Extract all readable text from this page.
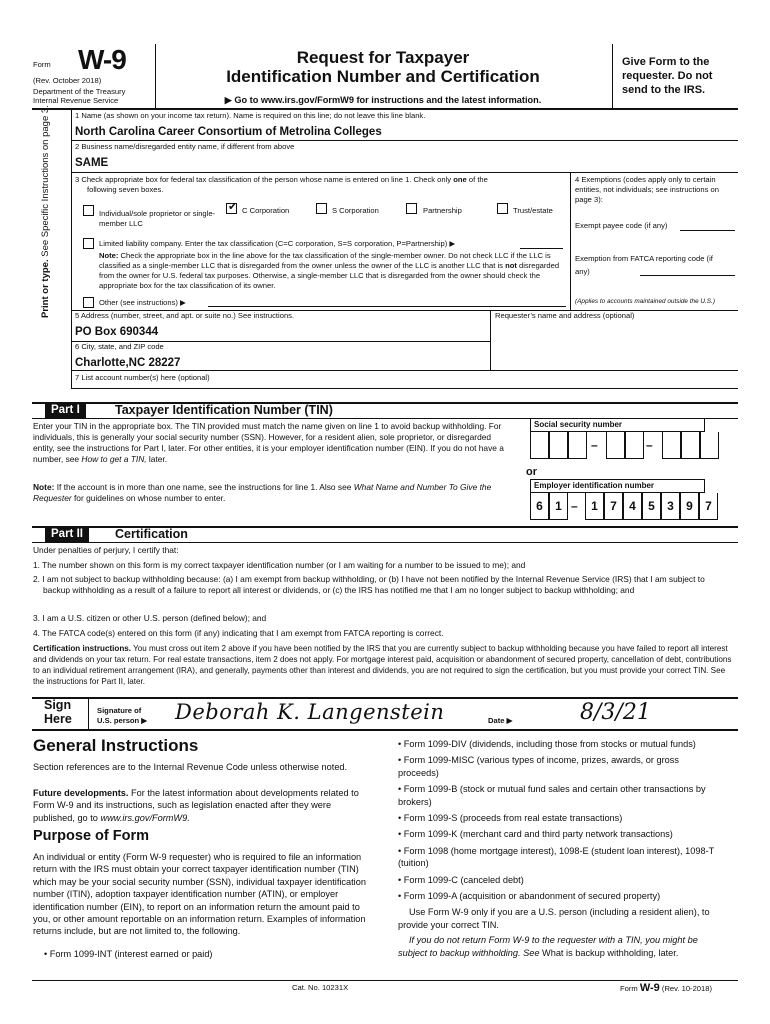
Form W-9
(Rev. October 2018)
Department of the Treasury
Internal Revenue Service
Request for Taxpayer
Identification Number and Certification
▶ Go to www.irs.gov/FormW9 for instructions and the latest information.
Give Form to the requester. Do not send to the IRS.
Print or type. See Specific Instructions on page 3.	1 Name (as shown on your income tax return). Name is required on this line; do not leave this line blank.
North Carolina Career Consortium of Metrolina Colleges
2 Business name/disregarded entity name, if different from above
SAME
3 Check appropriate box for federal tax classification of the person whose name is entered on line 1. Check only one of the
following seven boxes.
Individual/sole proprietor or single-member LLC
✔ C Corporation	S Corporation	Partnership	Trust/estate
Limited liability company. Enter the tax classification (C=C corporation, S=S corporation, P=Partnership) ▶
Note: Check the appropriate box in the line above for the tax classification of the single-member owner. Do not check LLC if the LLC is classified as a single-member LLC that is disregarded from the owner unless the owner of the LLC is another LLC that is not disregarded from the owner for U.S. federal tax purposes. Otherwise, a single-member LLC that is disregarded from the owner should check the appropriate box for the tax classification of its owner.
Other (see instructions) ▶
4 Exemptions (codes apply only to certain entities, not individuals; see instructions on page 3):
Exempt payee code (if any)
Exemption from FATCA reporting code (if any)
(Applies to accounts maintained outside the U.S.)
5 Address (number, street, and apt. or suite no.) See instructions.	Requester’s name and address (optional)
PO Box 690344
6 City, state, and ZIP code
Charlotte,NC 28227
7 List account number(s) here (optional)
Part I	Taxpayer Identification Number (TIN)
Enter your TIN in the appropriate box. The TIN provided must match the name given on line 1 to avoid backup withholding. For individuals, this is generally your social security number (SSN). However, for a resident alien, sole proprietor, or disregarded entity, see the instructions for Part I, later. For other entities, it is your employer identification number (EIN). If you do not have a number, see How to get a TIN, later.
Note: If the account is in more than one name, see the instructions for line 1. Also see What Name and Number To Give the Requester for guidelines on whose number to enter.
Social security number
–	–
or
Employer identification number
6	1 –	1	7	4	5	3	9	7
Part II	Certification
Under penalties of perjury, I certify that:
1. The number shown on this form is my correct taxpayer identification number (or I am waiting for a number to be issued to me); and
2. I am not subject to backup withholding because: (a) I am exempt from backup withholding, or (b) I have not been notified by the Internal Revenue Service (IRS) that I am subject to backup withholding as a result of a failure to report all interest or dividends, or (c) the IRS has notified me that I am no longer subject to backup withholding; and
3. I am a U.S. citizen or other U.S. person (defined below); and
4. The FATCA code(s) entered on this form (if any) indicating that I am exempt from FATCA reporting is correct.
Certification instructions. You must cross out item 2 above if you have been notified by the IRS that you are currently subject to backup withholding because you have failed to report all interest and dividends on your tax return. For real estate transactions, item 2 does not apply. For mortgage interest paid, acquisition or abandonment of secured property, cancellation of debt, contributions to an individual retirement arrangement (IRA), and generally, payments other than interest and dividends, you are not required to sign the certification, but you must provide your correct TIN. See the instructions for Part II, later.
Sign
Here
Signature of
U.S. person ▶ Deborah K. Langenstein	Date ▶	8/3/21
General Instructions
Section references are to the Internal Revenue Code unless otherwise noted.
Future developments. For the latest information about developments related to Form W-9 and its instructions, such as legislation enacted after they were published, go to www.irs.gov/FormW9.
Purpose of Form
An individual or entity (Form W-9 requester) who is required to file an information return with the IRS must obtain your correct taxpayer identification number (TIN) which may be your social security number (SSN), individual taxpayer identification number (ITIN), adoption taxpayer identification number (ATIN), or employer identification number (EIN), to report on an information return the amount paid to you, or other amount reportable on an information return. Examples of information returns include, but are not limited to, the following.
• Form 1099-INT (interest earned or paid)
• Form 1099-DIV (dividends, including those from stocks or mutual funds)
• Form 1099-MISC (various types of income, prizes, awards, or gross proceeds)
• Form 1099-B (stock or mutual fund sales and certain other transactions by brokers)
• Form 1099-S (proceeds from real estate transactions)
• Form 1099-K (merchant card and third party network transactions)
• Form 1098 (home mortgage interest), 1098-E (student loan interest), 1098-T (tuition)
• Form 1099-C (canceled debt)
• Form 1099-A (acquisition or abandonment of secured property)
Use Form W-9 only if you are a U.S. person (including a resident alien), to provide your correct TIN.
If you do not return Form W-9 to the requester with a TIN, you might be subject to backup withholding. See What is backup withholding, later.
Cat. No. 10231X	Form W-9 (Rev. 10-2018)
